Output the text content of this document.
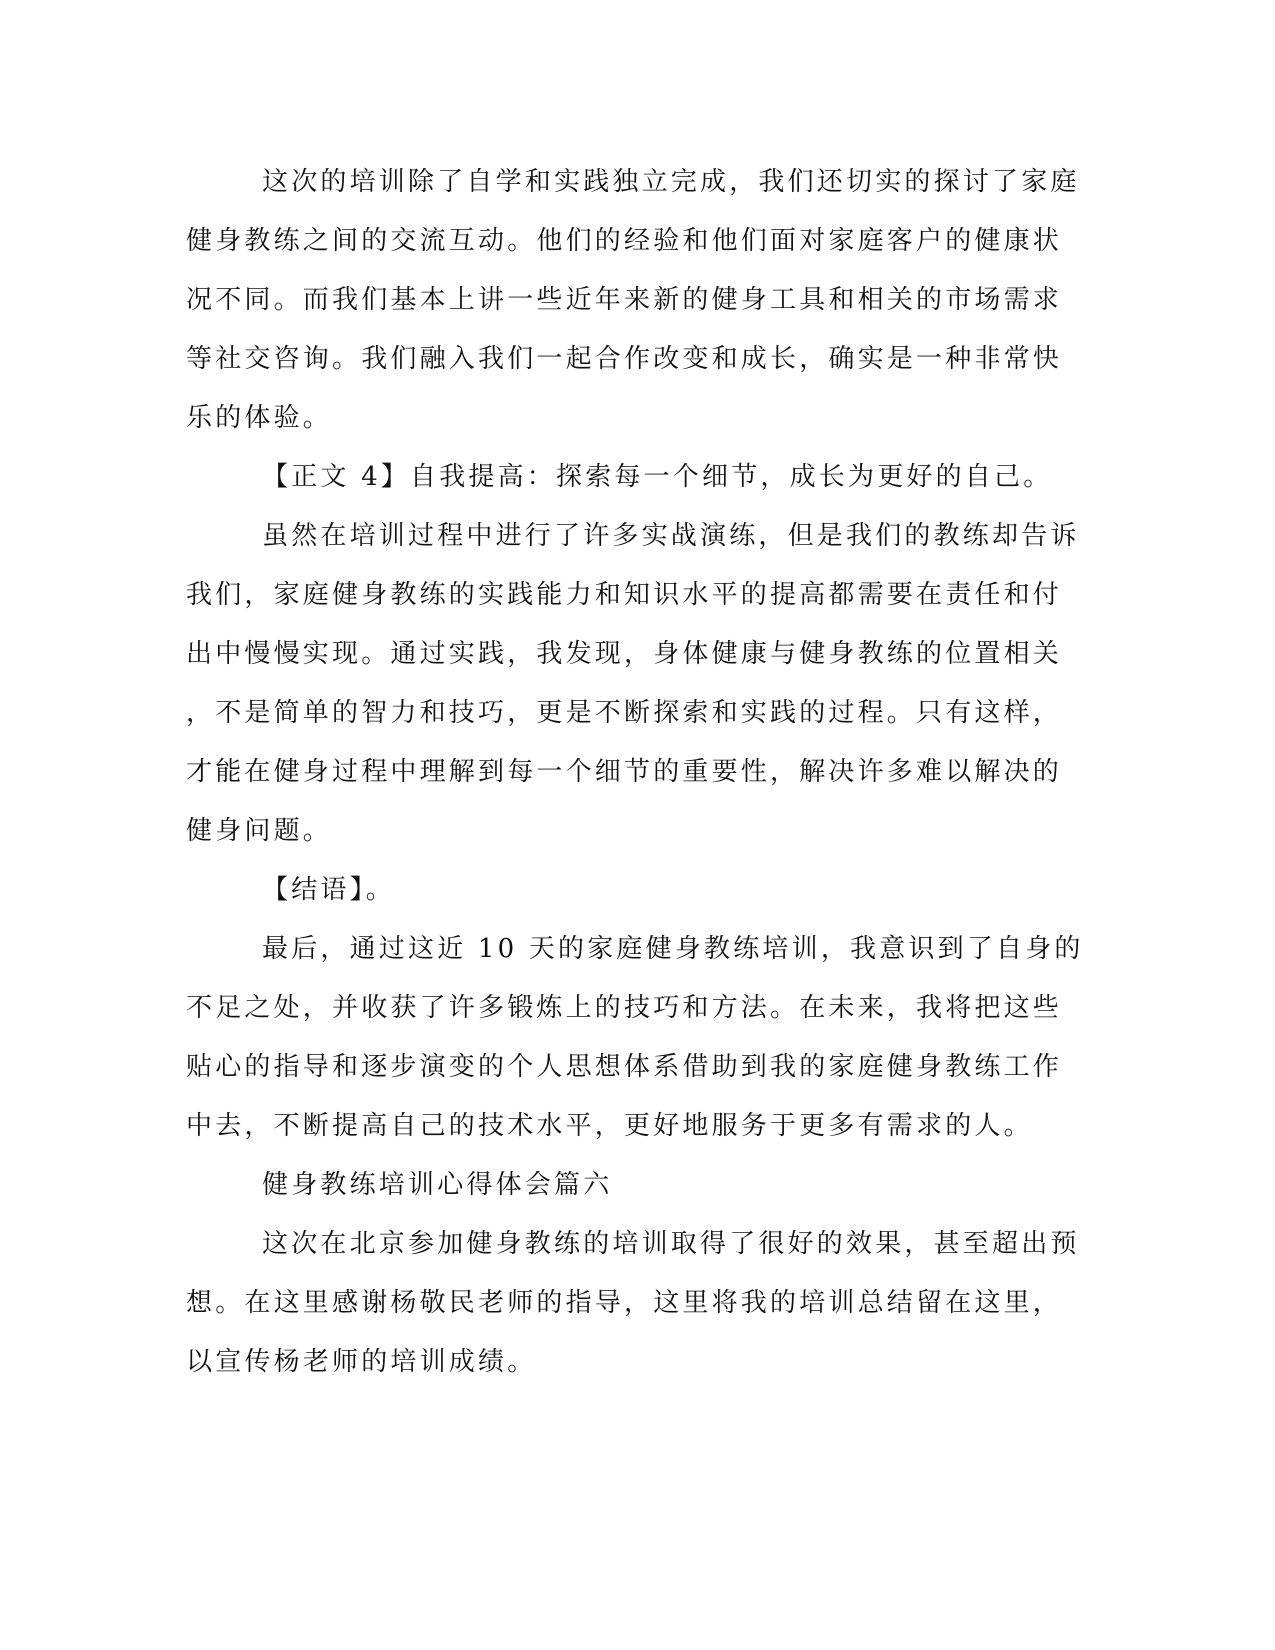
这次的培训除了自学和实践独立完成，我们还切实的探讨了家庭
健身教练之间的交流互动。他们的经验和他们面对家庭客户的健康状
况不同。而我们基本上讲一些近年来新的健身工具和相关的市场需求
等社交咨询。我们融入我们一起合作改变和成长，确实是一种非常快
乐的体验。
【正文 4】自我提高：探索每一个细节，成长为更好的自己。
虽然在培训过程中进行了许多实战演练，但是我们的教练却告诉
我们，家庭健身教练的实践能力和知识水平的提高都需要在责任和付
出中慢慢实现。通过实践，我发现，身体健康与健身教练的位置相关
，不是简单的智力和技巧，更是不断探索和实践的过程。只有这样，
才能在健身过程中理解到每一个细节的重要性，解决许多难以解决的
健身问题。
【结语】。
最后，通过这近 10 天的家庭健身教练培训，我意识到了自身的
不足之处，并收获了许多锻炼上的技巧和方法。在未来，我将把这些
贴心的指导和逐步演变的个人思想体系借助到我的家庭健身教练工作
中去，不断提高自己的技术水平，更好地服务于更多有需求的人。
健身教练培训心得体会篇六
这次在北京参加健身教练的培训取得了很好的效果，甚至超出预
想。在这里感谢杨敬民老师的指导，这里将我的培训总结留在这里，
以宣传杨老师的培训成绩。
